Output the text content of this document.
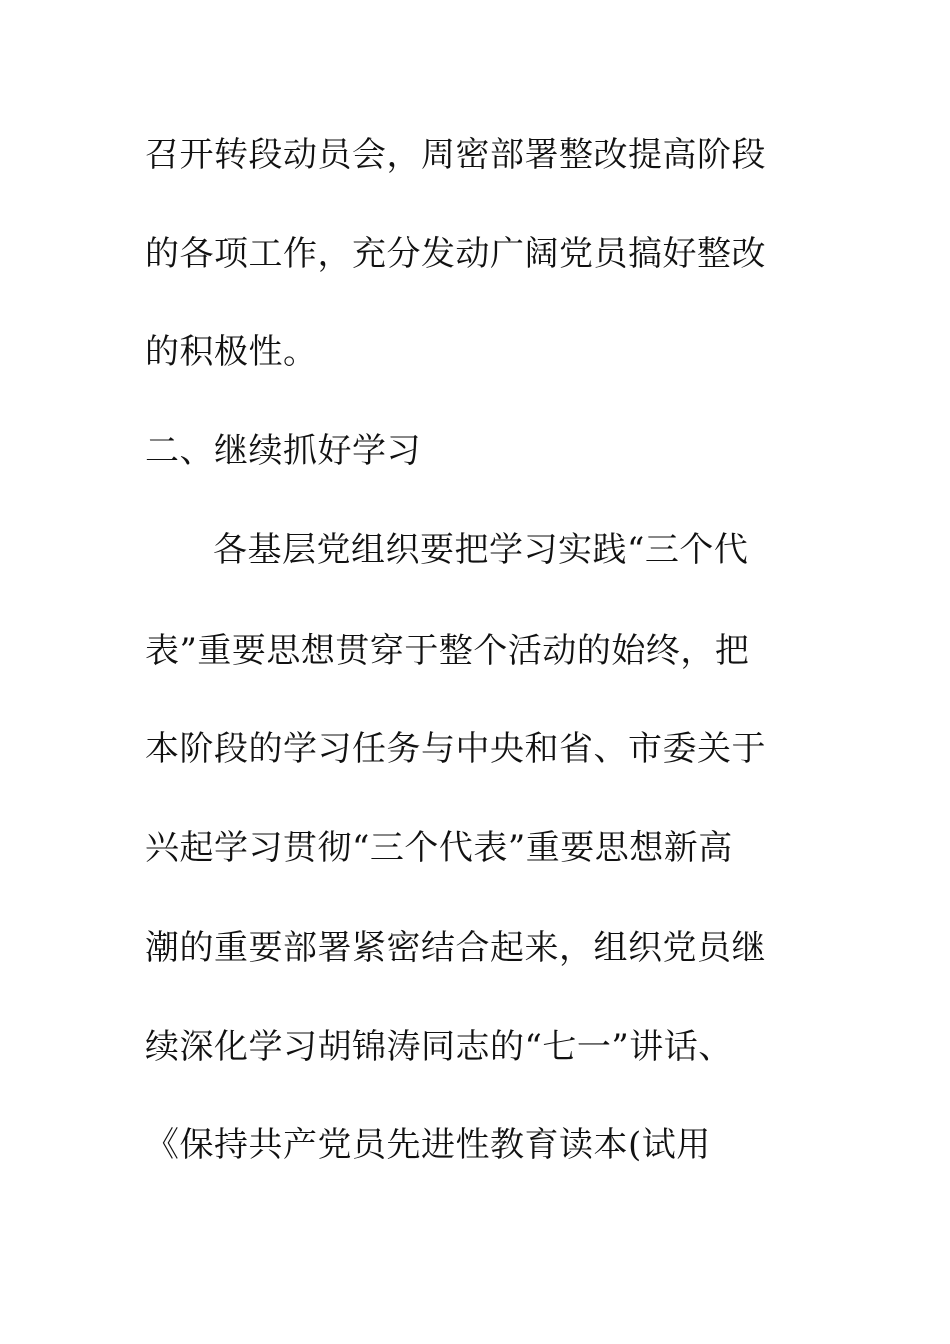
召开转段动员会，周密部署整改提高阶段
的各项工作，充分发动广阔党员搞好整改
的积极性。
二、继续抓好学习
各基层党组织要把学习实践“三个代
表”重要思想贯穿于整个活动的始终，把
本阶段的学习任务与中央和省、市委关于
兴起学习贯彻“三个代表”重要思想新高
潮的重要部署紧密结合起来，组织党员继
续深化学习胡锦涛同志的“七一”讲话、
《保持共产党员先进性教育读本(试用
